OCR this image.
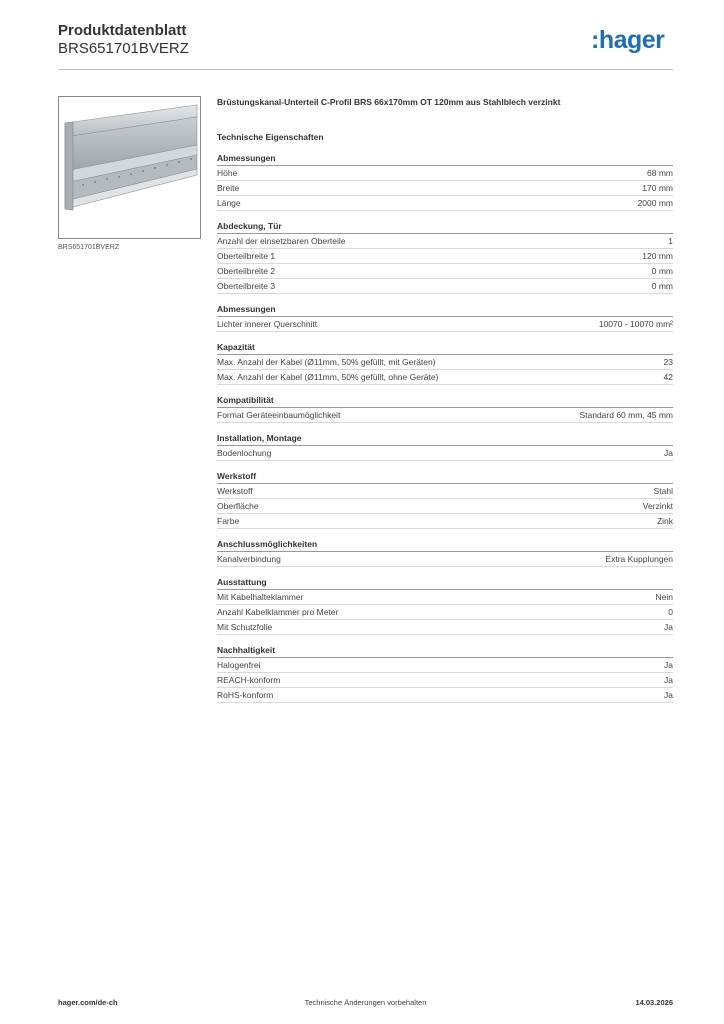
Produktdatenblatt
BRS651701BVERZ	:hager
BRS651701BVERZ
Brüstungskanal-Unterteil C-Profil BRS 66x170mm OT 120mm aus Stahlblech verzinkt
Technische Eigenschaften
Abmessungen
Höhe	68 mm
Breite	170 mm
Länge	2000 mm
Abdeckung, Tür
Anzahl der einsetzbaren Oberteile	1
Oberteilbreite 1	120 mm
Oberteilbreite 2	0 mm
Oberteilbreite 3	0 mm
Abmessungen
Lichter innerer Querschnitt	10070 - 10070 mm²
Kapazität
Max. Anzahl der Kabel (Ø11mm, 50% gefüllt, mit Geräten)	23
Max. Anzahl der Kabel (Ø11mm, 50% gefüllt, ohne Geräte)	42
Kompatibilität
Format Geräteeinbaumöglichkeit	Standard 60 mm, 45 mm
Installation, Montage
Bodenlochung	Ja
Werkstoff
Werkstoff	Stahl
Oberfläche	Verzinkt
Farbe	Zink
Anschlussmöglichkeiten
Kanalverbindung	Extra Kupplungen
Ausstattung
Mit Kabelhalteklammer	Nein
Anzahl Kabelklammer pro Meter	0
Mit Schutzfolie	Ja
Nachhaltigkeit
Halogenfrei	Ja
REACH-konform	Ja
RoHS-konform	Ja
hager.com/de-ch	Technische Änderungen vorbehalten	14.03.2026
